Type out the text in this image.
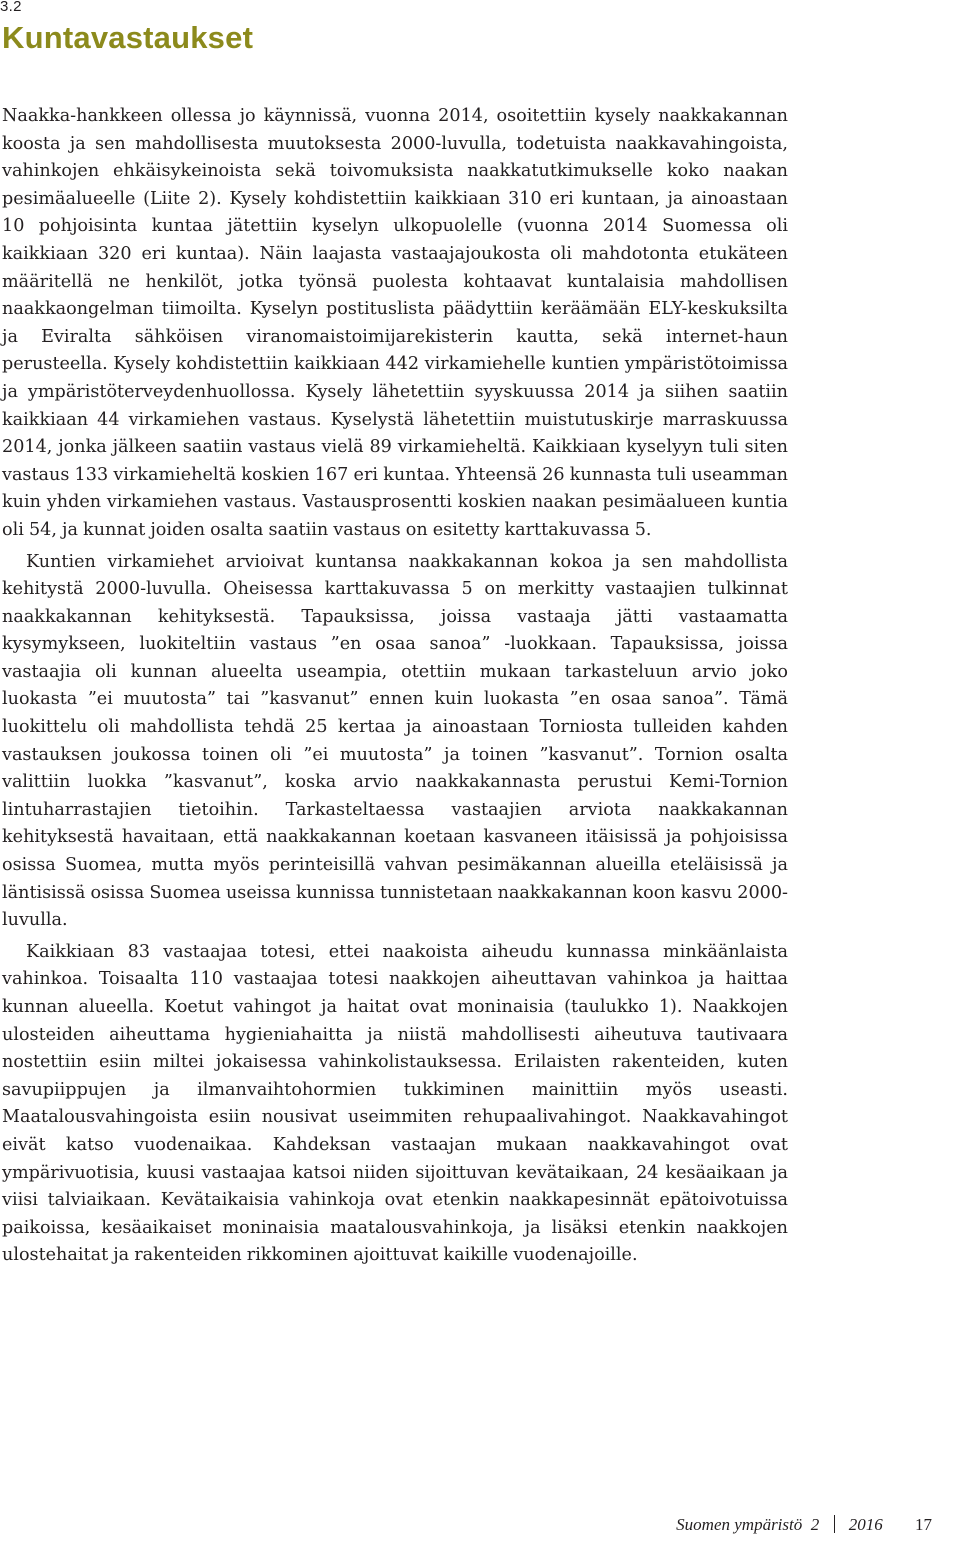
3.2
Kuntavastaukset

Naakka-hankkeen ollessa jo käynnissä, vuonna 2014, osoitettiin kysely naakkakannan koosta ja sen mahdollisesta muutoksesta 2000-luvulla, todetuista naakkavahingoista, vahinkojen ehkäisykeinoista sekä toivomuksista naakkatutkimukselle koko naakan pesimäalueelle (Liite 2). Kysely kohdistettiin kaikkiaan 310 eri kuntaan, ja ainoastaan 10 pohjoisinta kuntaa jätettiin kyselyn ulkopuolelle (vuonna 2014 Suomessa oli kaikkiaan 320 eri kuntaa). Näin laajasta vastaajajoukosta oli mahdotonta etukäteen määritellä ne henkilöt, jotka työnsä puolesta kohtaavat kuntalaisia mahdollisen naakkaongelman tiimoilta. Kyselyn postituslista päädyttiin keräämään ELY-keskuksilta ja Eviralta sähköisen viranomaistoimijarekisterin kautta, sekä internet-haun perusteella. Kysely kohdistettiin kaikkiaan 442 virkamiehelle kuntien ympäristötoimissa ja ympäristöterveydenhuollossa. Kysely lähetettiin syyskuussa 2014 ja siihen saatiin kaikkiaan 44 virkamiehen vastaus. Kyselystä lähetettiin muistutuskirje marraskuussa 2014, jonka jälkeen saatiin vastaus vielä 89 virkamieheltä. Kaikkiaan kyselyyn tuli siten vastaus 133 virkamieheltä koskien 167 eri kuntaa. Yhteensä 26 kunnasta tuli useamman kuin yhden virkamiehen vastaus. Vastausprosentti koskien naakan pesimäalueen kuntia oli 54, ja kunnat joiden osalta saatiin vastaus on esitetty karttakuvassa 5.

Kuntien virkamiehet arvioivat kuntansa naakkakannan kokoa ja sen mahdollista kehitystä 2000-luvulla. Oheisessa karttakuvassa 5 on merkitty vastaajien tulkinnat naakkakannan kehityksestä. Tapauksissa, joissa vastaaja jätti vastaamatta kysymykseen, luokiteltiin vastaus ”en osaa sanoa” -luokkaan. Tapauksissa, joissa vastaajia oli kunnan alueelta useampia, otettiin mukaan tarkasteluun arvio joko luokasta ”ei muutosta” tai ”kasvanut” ennen kuin luokasta ”en osaa sanoa”. Tämä luokittelu oli mahdollista tehdä 25 kertaa ja ainoastaan Torniosta tulleiden kahden vastauksen joukossa toinen oli ”ei muutosta” ja toinen ”kasvanut”. Tornion osalta valittiin luokka ”kasvanut”, koska arvio naakkakannasta perustui Kemi-Tornion lintuharrastajien tietoihin. Tarkasteltaessa vastaajien arviota naakkakannan kehityksestä havaitaan, että naakkakannan koetaan kasvaneen itäisissä ja pohjoisissa osissa Suomea, mutta myös perinteisillä vahvan pesimäkannan alueilla eteläisissä ja läntisissä osissa Suomea useissa kunnissa tunnistetaan naakkakannan koon kasvu 2000-luvulla.

Kaikkiaan 83 vastaajaa totesi, ettei naakoista aiheudu kunnassa minkäänlaista vahinkoa. Toisaalta 110 vastaajaa totesi naakkojen aiheuttavan vahinkoa ja haittaa kunnan alueella. Koetut vahingot ja haitat ovat moninaisia (taulukko 1). Naakkojen ulosteiden aiheuttama hygieniahaitta ja niistä mahdollisesti aiheutuva tautivaara nostettiin esiin miltei jokaisessa vahinkolistauksessa. Erilaisten rakenteiden, kuten savupiippujen ja ilmanvaihtohormien tukkiminen mainittiin myös useasti. Maatalousvahingoista esiin nousivat useimmiten rehupaalivahingot. Naakkavahingot eivät katso vuodenaikaa. Kahdeksan vastaajan mukaan naakkavahingot ovat ympärivuotisia, kuusi vastaajaa katsoi niiden sijoittuvan kevätaikaan, 24 kesäaikaan ja viisi talviaikaan. Kevätaikaisia vahinkoja ovat etenkin naakkapesinnät epätoivotuissa paikoissa, kesäaikaiset moninaisia maatalousvahinkoja, ja lisäksi etenkin naakkojen ulostehaitat ja rakenteiden rikkominen ajoittuvat kaikille vuodenajoille.

Suomen ympäristö 2 2016 17
